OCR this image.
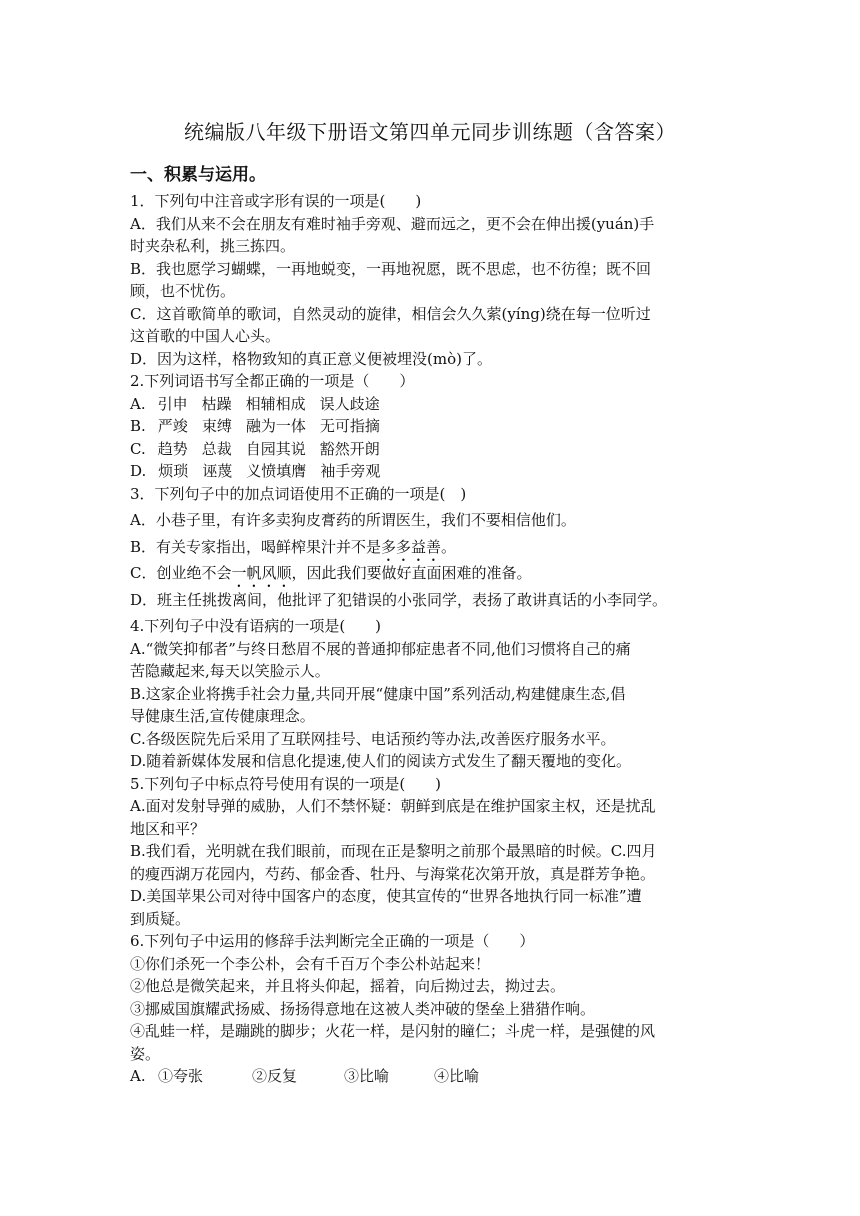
统编版八年级下册语文第四单元同步训练题（含答案）
一、积累与运用。
1．下列句中注音或字形有误的一项是(　　)
A．我们从来不会在朋友有难时袖手旁观、避而远之，更不会在伸出援(yuán)手
时夹杂私利，挑三拣四。
B．我也愿学习蝴蝶，一再地蜕变，一再地祝愿，既不思虑，也不彷徨；既不回
顾，也不忧伤。
C．这首歌简单的歌词，自然灵动的旋律，相信会久久萦(yíng)绕在每一位听过
这首歌的中国人心头。
D．因为这样，格物致知的真正意义便被埋没(mò)了。
2.下列词语书写全都正确的一项是（　　）
A. 引申 枯躁 相辅相成 误人歧途
B. 严竣 束缚 融为一体 无可指摘
C. 趋势 总裁 自园其说 豁然开朗
D. 烦琐 诬蔑 义愤填膺 袖手旁观
3．下列句子中的加点词语使用不正确的一项是(　)
A．小巷子里，有许多卖狗皮膏药的所谓医生，我们不要相信他们。
B．有关专家指出，喝鲜榨果汁并不是多多益善。
C．创业绝不会一帆风顺，因此我们要做好直面困难的准备。
D．班主任挑拨离间，他批评了犯错误的小张同学，表扬了敢讲真话的小李同学。
4.下列句子中没有语病的一项是(　　)
A.“微笑抑郁者”与终日愁眉不展的普通抑郁症患者不同,他们习惯将自己的痛
苦隐藏起来,每天以笑脸示人。
B.这家企业将携手社会力量,共同开展“健康中国”系列活动,构建健康生态,倡
导健康生活,宣传健康理念。
C.各级医院先后采用了互联网挂号、电话预约等办法,改善医疗服务水平。
D.随着新媒体发展和信息化提速,使人们的阅读方式发生了翻天覆地的变化。
5.下列句子中标点符号使用有误的一项是(　　)
A.面对发射导弹的威胁，人们不禁怀疑：朝鲜到底是在维护国家主权，还是扰乱
地区和平？
B.我们看，光明就在我们眼前，而现在正是黎明之前那个最黑暗的时候。C.四月
的瘦西湖万花园内，芍药、郁金香、牡丹、与海棠花次第开放，真是群芳争艳。
D.美国苹果公司对待中国客户的态度，使其宣传的“世界各地执行同一标准”遭
到质疑。
6.下列句子中运用的修辞手法判断完全正确的一项是（　　）
①你们杀死一个李公朴，会有千百万个李公朴站起来！
②他总是微笑起来，并且将头仰起，摇着，向后拗过去，拗过去。
③挪威国旗耀武扬威、扬扬得意地在这被人类冲破的堡垒上猎猎作响。
④乱蛙一样，是蹦跳的脚步；火花一样，是闪射的瞳仁；斗虎一样，是强健的风
姿。
A. ①夸张	②反复	③比喻	④比喻
